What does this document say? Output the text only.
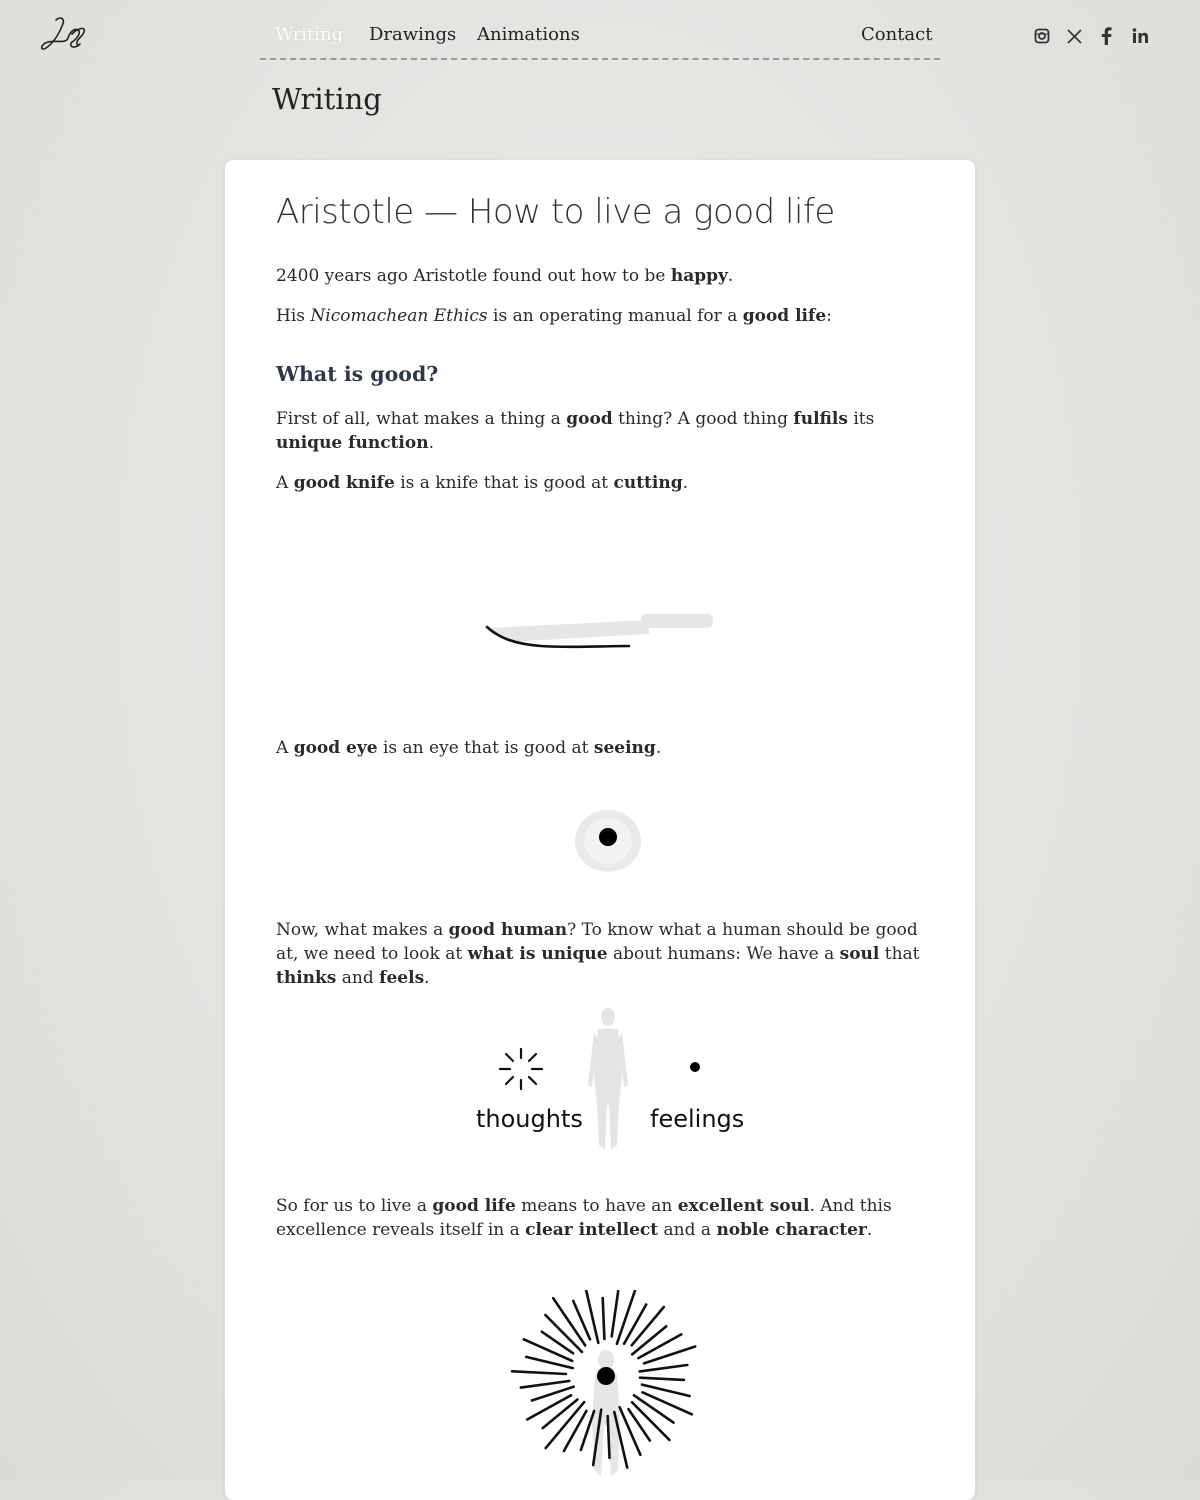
Writing Drawings Animations	Contact
Writing
Aristotle — How to live a good life

2400 years ago Aristotle found out how to be happy.

His Nicomachean Ethics is an operating manual for a good life:

What is good?

First of all, what makes a thing a good thing? A good thing fulfils its unique function.

A good knife is a knife that is good at cutting.

A good eye is an eye that is good at seeing.

Now, what makes a good human? To know what a human should be good at, we need to look at what is unique about humans: We have a soul that thinks and feels.

thoughts	feelings

So for us to live a good life means to have an excellent soul. And this excellence reveals itself in a clear intellect and a noble character.
